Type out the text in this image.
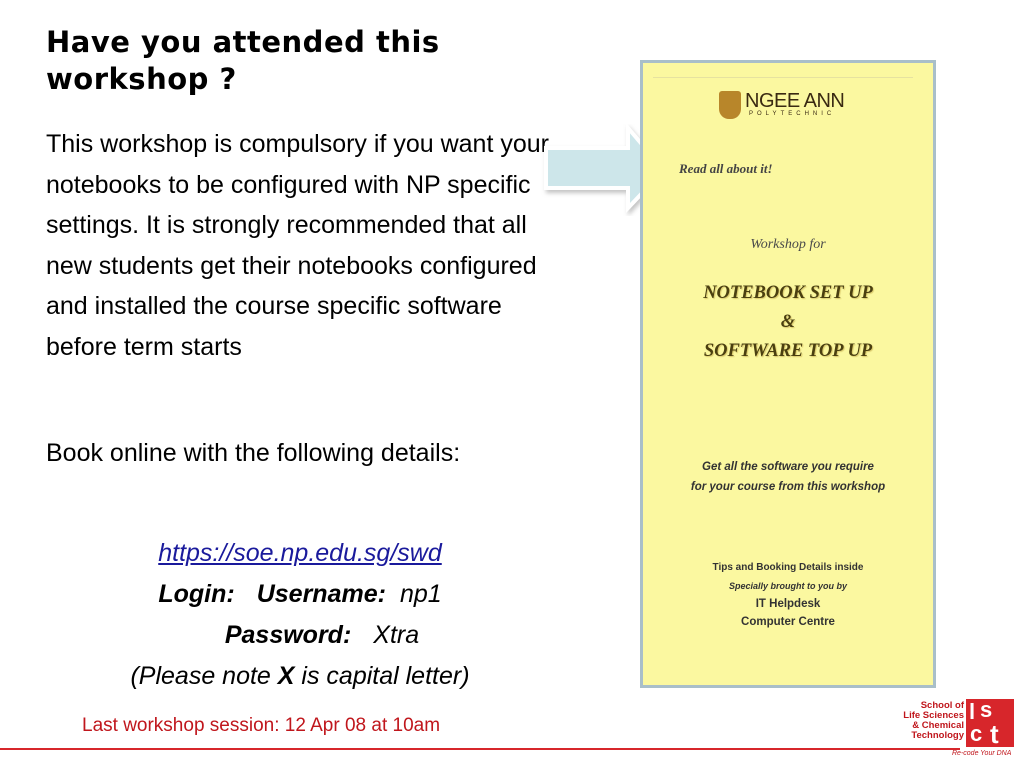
Have you attended this workshop ?
This workshop is compulsory if you want your notebooks to be configured with NP specific settings. It is strongly recommended that all new students get their notebooks configured and installed the course specific software before term starts
Book online with the following details:
https://soe.np.edu.sg/swd
Login: Username: np1
Password: Xtra
(Please note X is capital letter)
Last workshop session: 12 Apr 08 at 10am
School of
Life Sciences
& Chemical
Technology
l s
c t
Re-code Your DNA
NGEE ANN
POLYTECHNIC
Read all about it!
Workshop for
NOTEBOOK SET UP
&
SOFTWARE TOP UP
Get all the software you require
for your course from this workshop
Tips and Booking Details inside
Specially brought to you by
IT Helpdesk
Computer Centre
